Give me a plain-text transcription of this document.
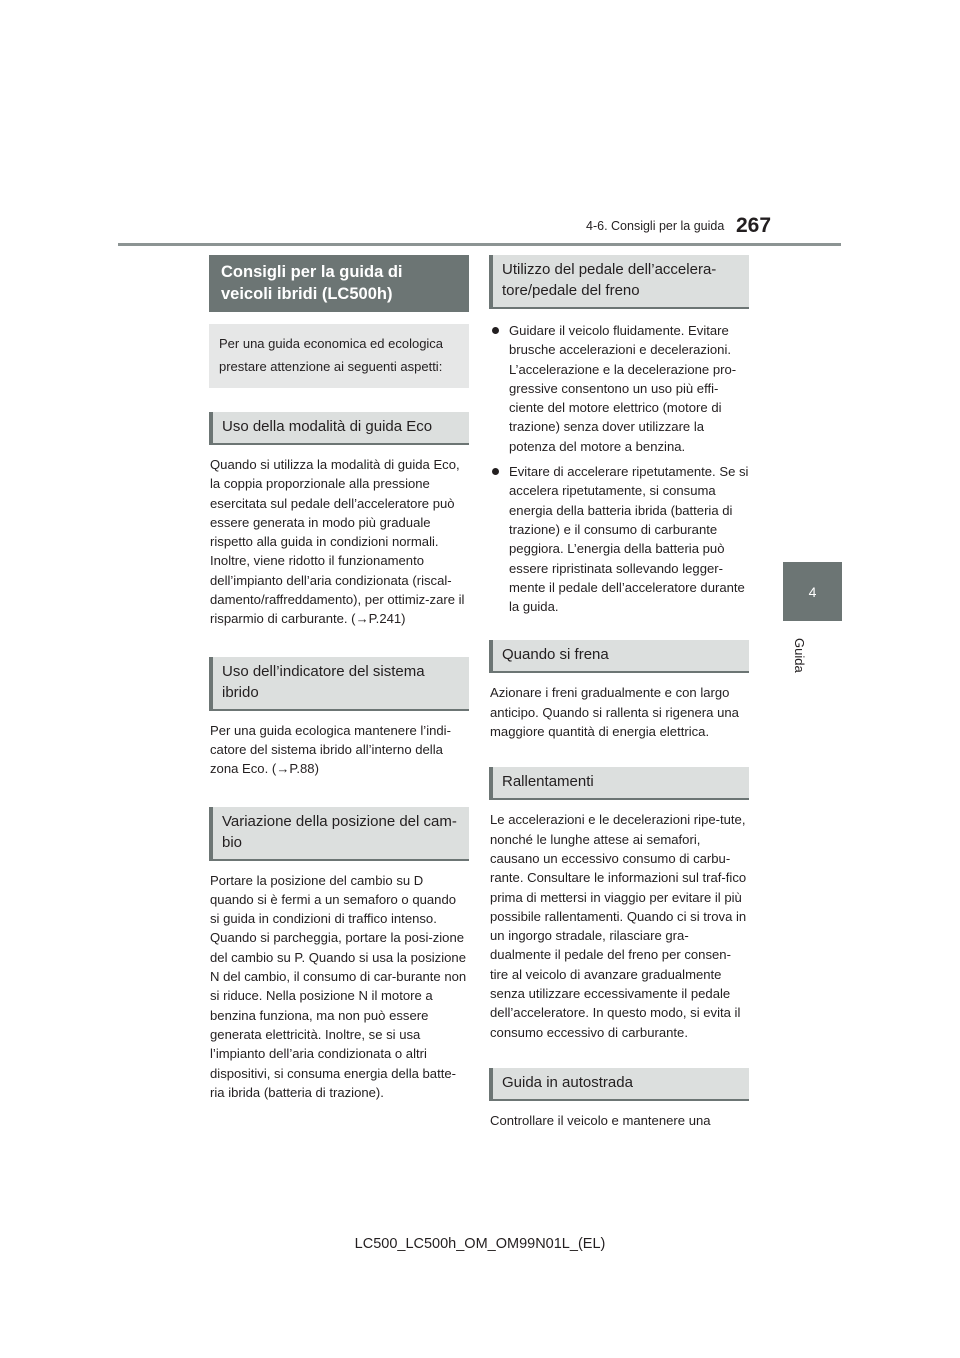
4-6. Consigli per la guida 267
4
Guida
Consigli per la guida di veicoli ibridi (LC500h)
Per una guida economica ed ecologica prestare attenzione ai seguenti aspetti:
Uso della modalità di guida Eco

Quando si utilizza la modalità di guida Eco, la coppia proporzionale alla pressione esercitata sul pedale dell’acceleratore può essere generata in modo più graduale rispetto alla guida in condizioni normali. Inoltre, viene ridotto il funzionamento dell’impianto dell’aria condizionata (riscal-damento/raffreddamento), per ottimiz-zare il risparmio di carburante. (→P.241)

Uso dell’indicatore del sistema ibrido

Per una guida ecologica mantenere l’indi-catore del sistema ibrido all’interno della zona Eco. (→P.88)

Variazione della posizione del cam-bio

Portare la posizione del cambio su D quando si è fermi a un semaforo o quando si guida in condizioni di traffico intenso. Quando si parcheggia, portare la posi-zione del cambio su P. Quando si usa la posizione N del cambio, il consumo di car-burante non si riduce. Nella posizione N il motore a benzina funziona, ma non può essere generata elettricità. Inoltre, se si usa l’impianto dell’aria condizionata o altri dispositivi, si consuma energia della batte-ria ibrida (batteria di trazione).

Utilizzo del pedale dell’accelera-tore/pedale del freno
Guidare il veicolo fluidamente. Evitare brusche accelerazioni e decelerazioni. L’accelerazione e la decelerazione pro-gressive consentono un uso più effi-ciente del motore elettrico (motore di trazione) senza dover utilizzare la potenza del motore a benzina.
Evitare di accelerare ripetutamente. Se si accelera ripetutamente, si consuma energia della batteria ibrida (batteria di trazione) e il consumo di carburante peggiora. L’energia della batteria può essere ripristinata sollevando legger-mente il pedale dell’acceleratore durante la guida.
Quando si frena

Azionare i freni gradualmente e con largo anticipo. Quando si rallenta si rigenera una maggiore quantità di energia elettrica.

Rallentamenti

Le accelerazioni e le decelerazioni ripe-tute, nonché le lunghe attese ai semafori, causano un eccessivo consumo di carbu-rante. Consultare le informazioni sul traf-fico prima di mettersi in viaggio per evitare il più possibile rallentamenti. Quando ci si trova in un ingorgo stradale, rilasciare gra-dualmente il pedale del freno per consen-tire al veicolo di avanzare gradualmente senza utilizzare eccessivamente il pedale dell’acceleratore. In questo modo, si evita il consumo eccessivo di carburante.

Guida in autostrada

Controllare il veicolo e mantenere una

LC500_LC500h_OM_OM99N01L_(EL)
